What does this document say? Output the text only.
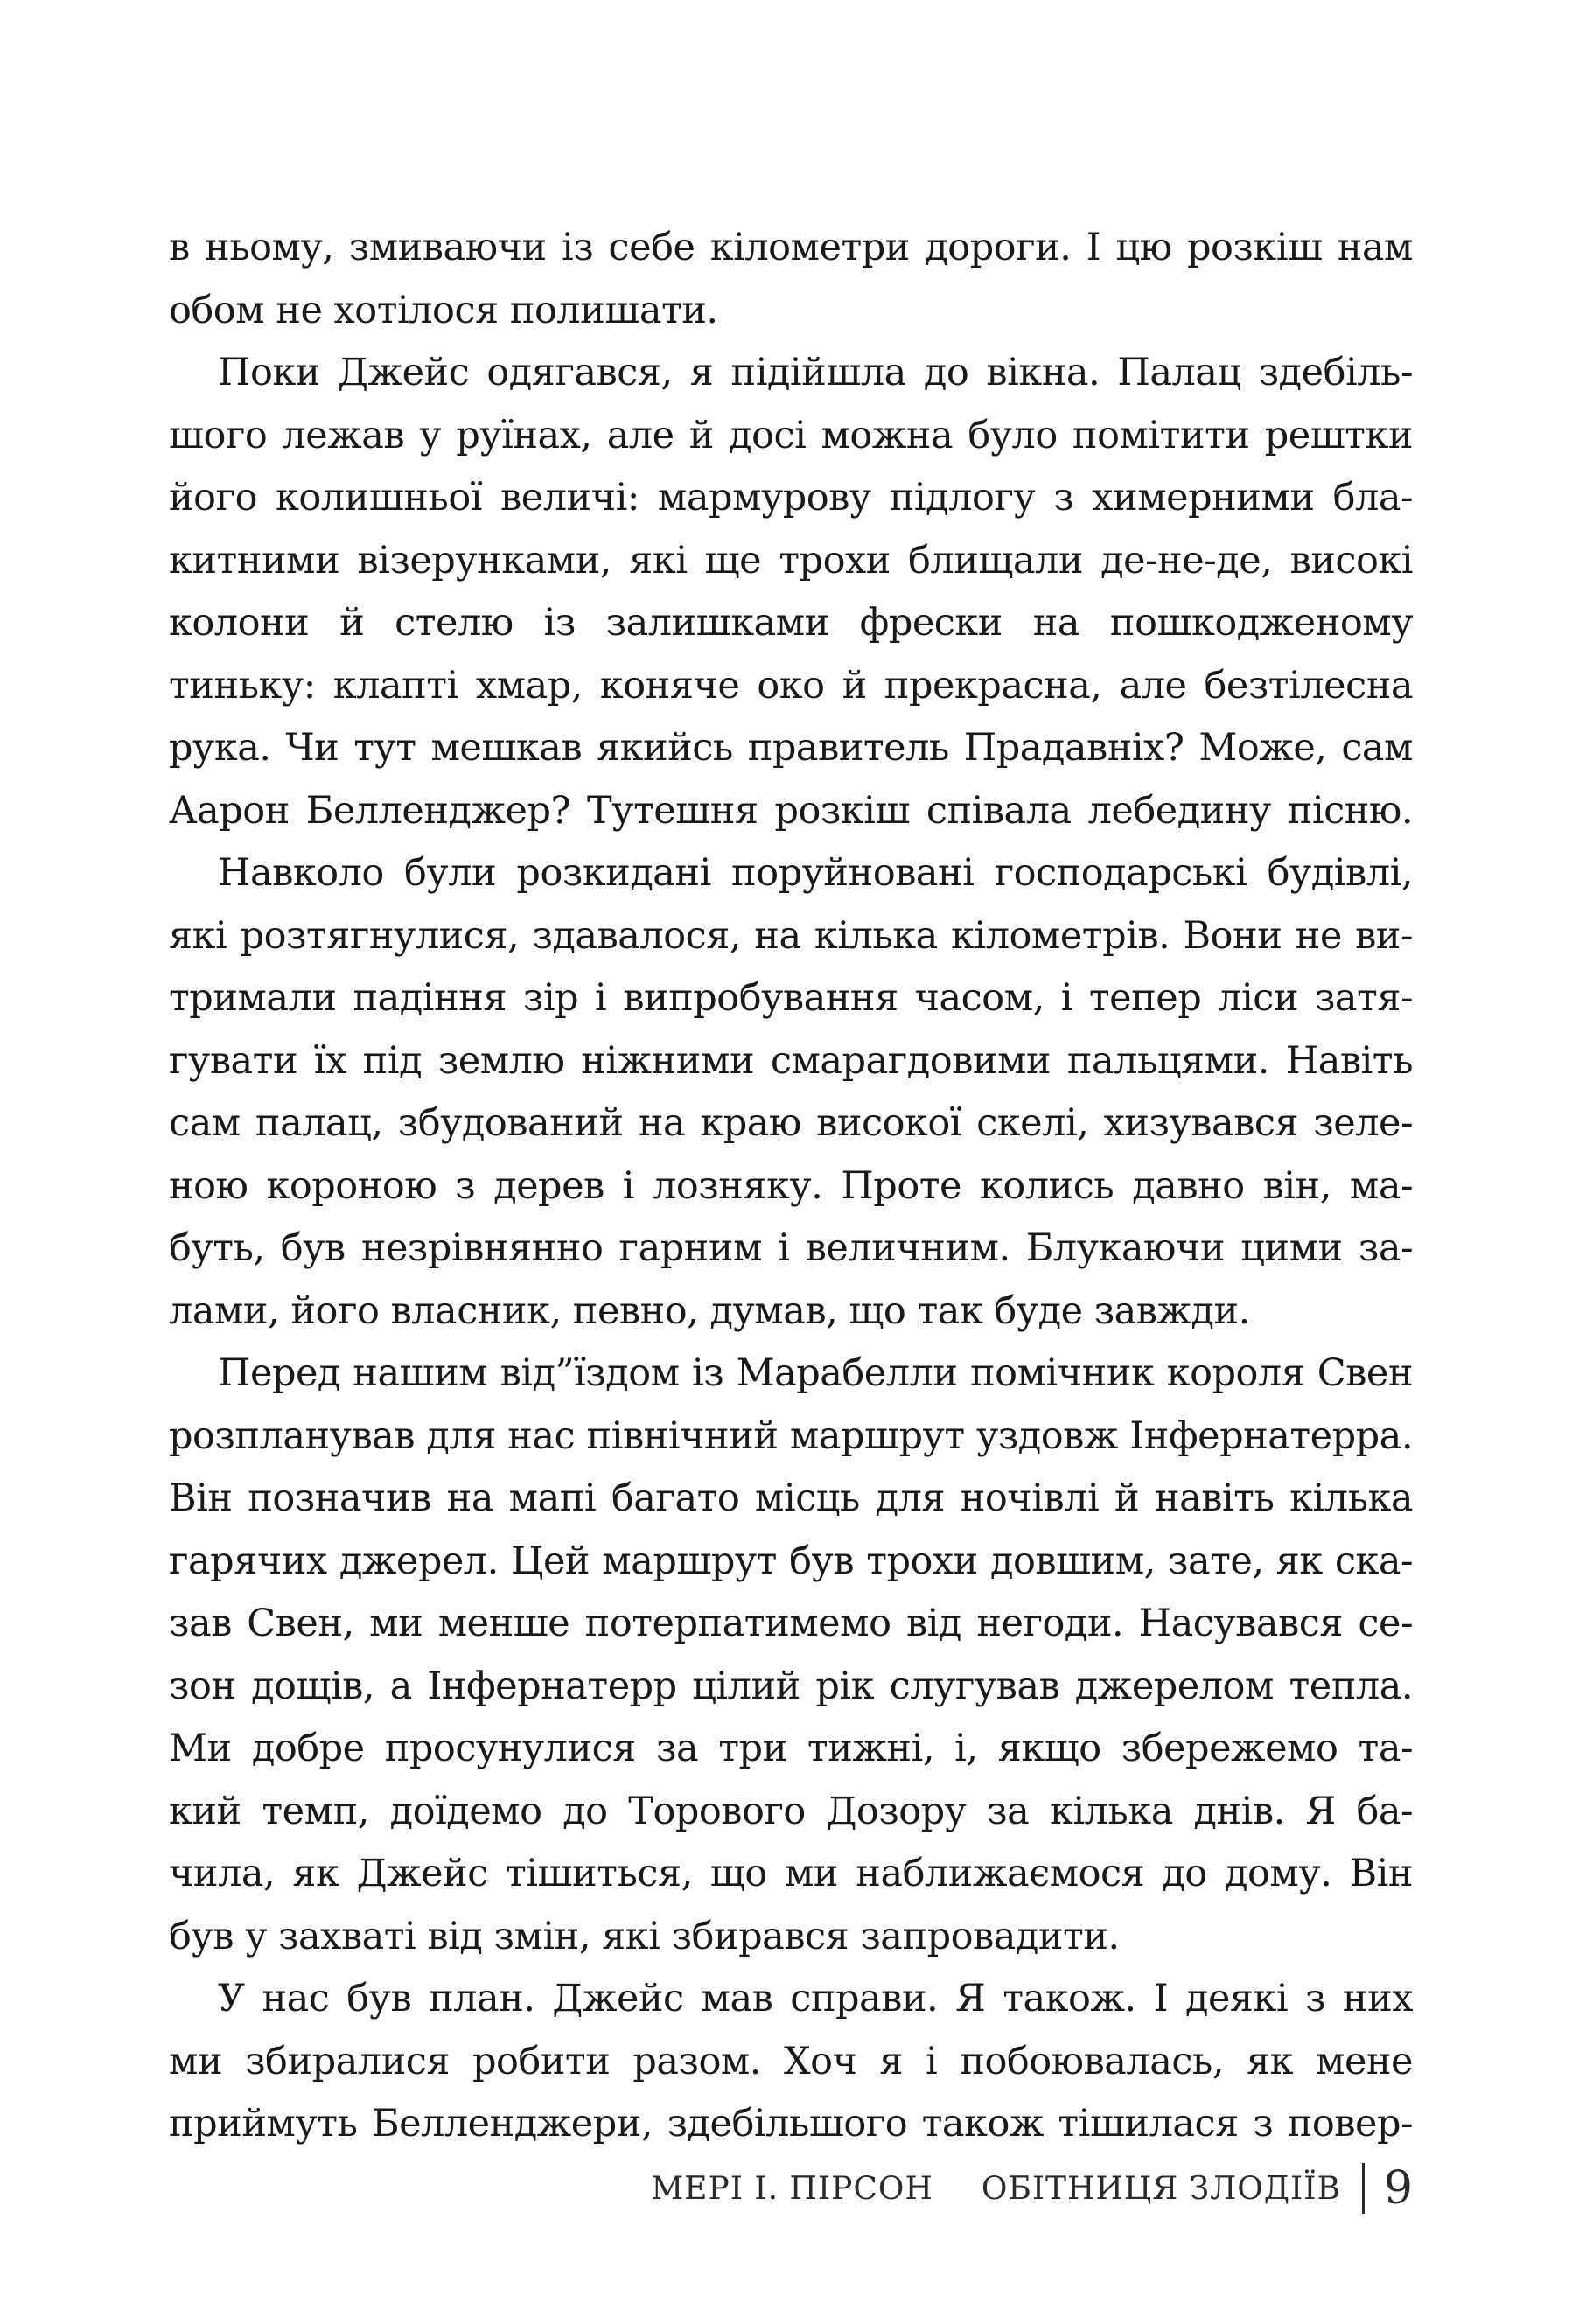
в ньому, змиваючи із себе кілометри дороги. І цю розкіш нам
обом не хотілося полишати.
Поки Джейс одягався, я підійшла до вікна. Палац здебіль-
шого лежав у руїнах, але й досі можна було помітити рештки
його колишньої величі: мармурову підлогу з химерними бла-
китними візерунками, які ще трохи блищали де-не-де, високі
колони й стелю із залишками фрески на пошкодженому
тиньку: клапті хмар, коняче око й прекрасна, але безтілесна
рука. Чи тут мешкав якийсь правитель Прадавніх? Може, сам
Аарон Белленджер? Тутешня розкіш співала лебедину пісню.
Навколо були розкидані поруйновані господарські будівлі,
які розтягнулися, здавалося, на кілька кілометрів. Вони не ви-
тримали падіння зір і випробування часом, і тепер ліси затя-
гувати їх під землю ніжними смарагдовими пальцями. Навіть
сам палац, збудований на краю високої скелі, хизувався зеле-
ною короною з дерев і лозняку. Проте колись давно він, ма-
буть, був незрівнянно гарним і величним. Блукаючи цими за-
лами, його власник, певно, думав, що так буде завжди.
Перед нашим від”їздом із Марабелли помічник короля Свен
розпланував для нас північний маршрут уздовж Інфернатерра.
Він позначив на мапі багато місць для ночівлі й навіть кілька
гарячих джерел. Цей маршрут був трохи довшим, зате, як ска-
зав Свен, ми менше потерпатимемо від негоди. Насувався се-
зон дощів, а Інфернатерр цілий рік слугував джерелом тепла.
Ми добре просунулися за три тижні, і, якщо збережемо та-
кий темп, доїдемо до Торового Дозору за кілька днів. Я ба-
чила, як Джейс тішиться, що ми наближаємося до дому. Він
був у захваті від змін, які збирався запровадити.
У нас був план. Джейс мав справи. Я також. І деякі з них
ми збиралися робити разом. Хоч я і побоювалась, як мене
приймуть Белленджери, здебільшого також тішилася з повер-
МЕРІ І. ПІРСОН ОБІТНИЦЯ ЗЛОДІЇВ 9
